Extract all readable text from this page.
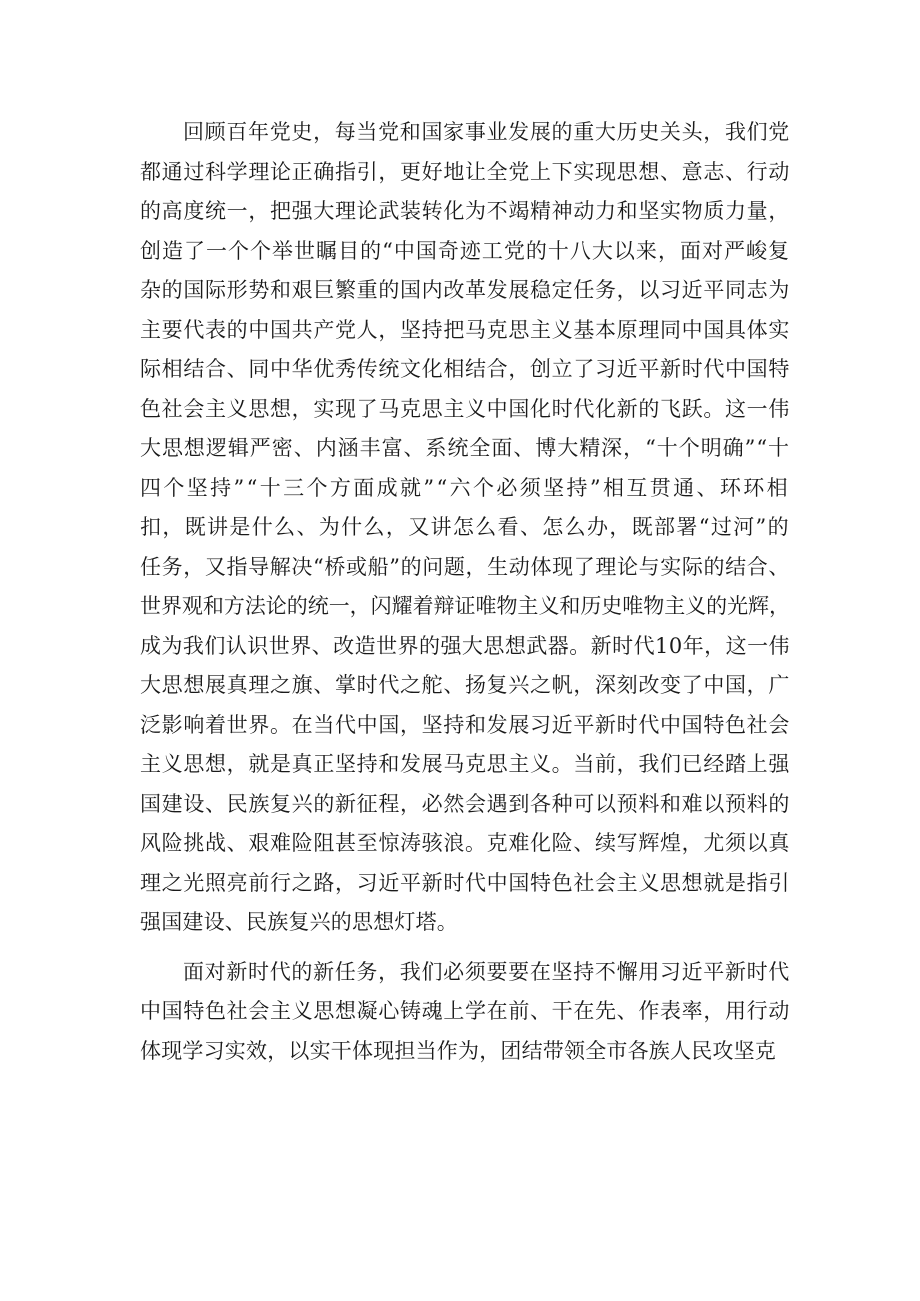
回顾百年党史，每当党和国家事业发展的重大历史关头，我们党
都通过科学理论正确指引，更好地让全党上下实现思想、意志、行动
的高度统一，把强大理论武装转化为不竭精神动力和坚实物质力量，
创造了一个个举世瞩目的“中国奇迹工党的十八大以来，面对严峻复
杂的国际形势和艰巨繁重的国内改革发展稳定任务，以习近平同志为
主要代表的中国共产党人，坚持把马克思主义基本原理同中国具体实
际相结合、同中华优秀传统文化相结合，创立了习近平新时代中国特
色社会主义思想，实现了马克思主义中国化时代化新的飞跃。这一伟
大思想逻辑严密、内涵丰富、系统全面、博大精深，“十个明确”“十
四个坚持”“十三个方面成就”“六个必须坚持”相互贯通、环环相
扣，既讲是什么、为什么，又讲怎么看、怎么办，既部署“过河”的
任务，又指导解决“桥或船”的问题，生动体现了理论与实际的结合、
世界观和方法论的统一，闪耀着辩证唯物主义和历史唯物主义的光辉，
成为我们认识世界、改造世界的强大思想武器。新时代10年，这一伟
大思想展真理之旗、掌时代之舵、扬复兴之帆，深刻改变了中国，广
泛影响着世界。在当代中国，坚持和发展习近平新时代中国特色社会
主义思想，就是真正坚持和发展马克思主义。当前，我们已经踏上强
国建设、民族复兴的新征程，必然会遇到各种可以预料和难以预料的
风险挑战、艰难险阻甚至惊涛骇浪。克难化险、续写辉煌，尤须以真
理之光照亮前行之路，习近平新时代中国特色社会主义思想就是指引
强国建设、民族复兴的思想灯塔。
面对新时代的新任务，我们必须要要在坚持不懈用习近平新时代
中国特色社会主义思想凝心铸魂上学在前、干在先、作表率，用行动
体现学习实效，以实干体现担当作为，团结带领全市各族人民攻坚克
